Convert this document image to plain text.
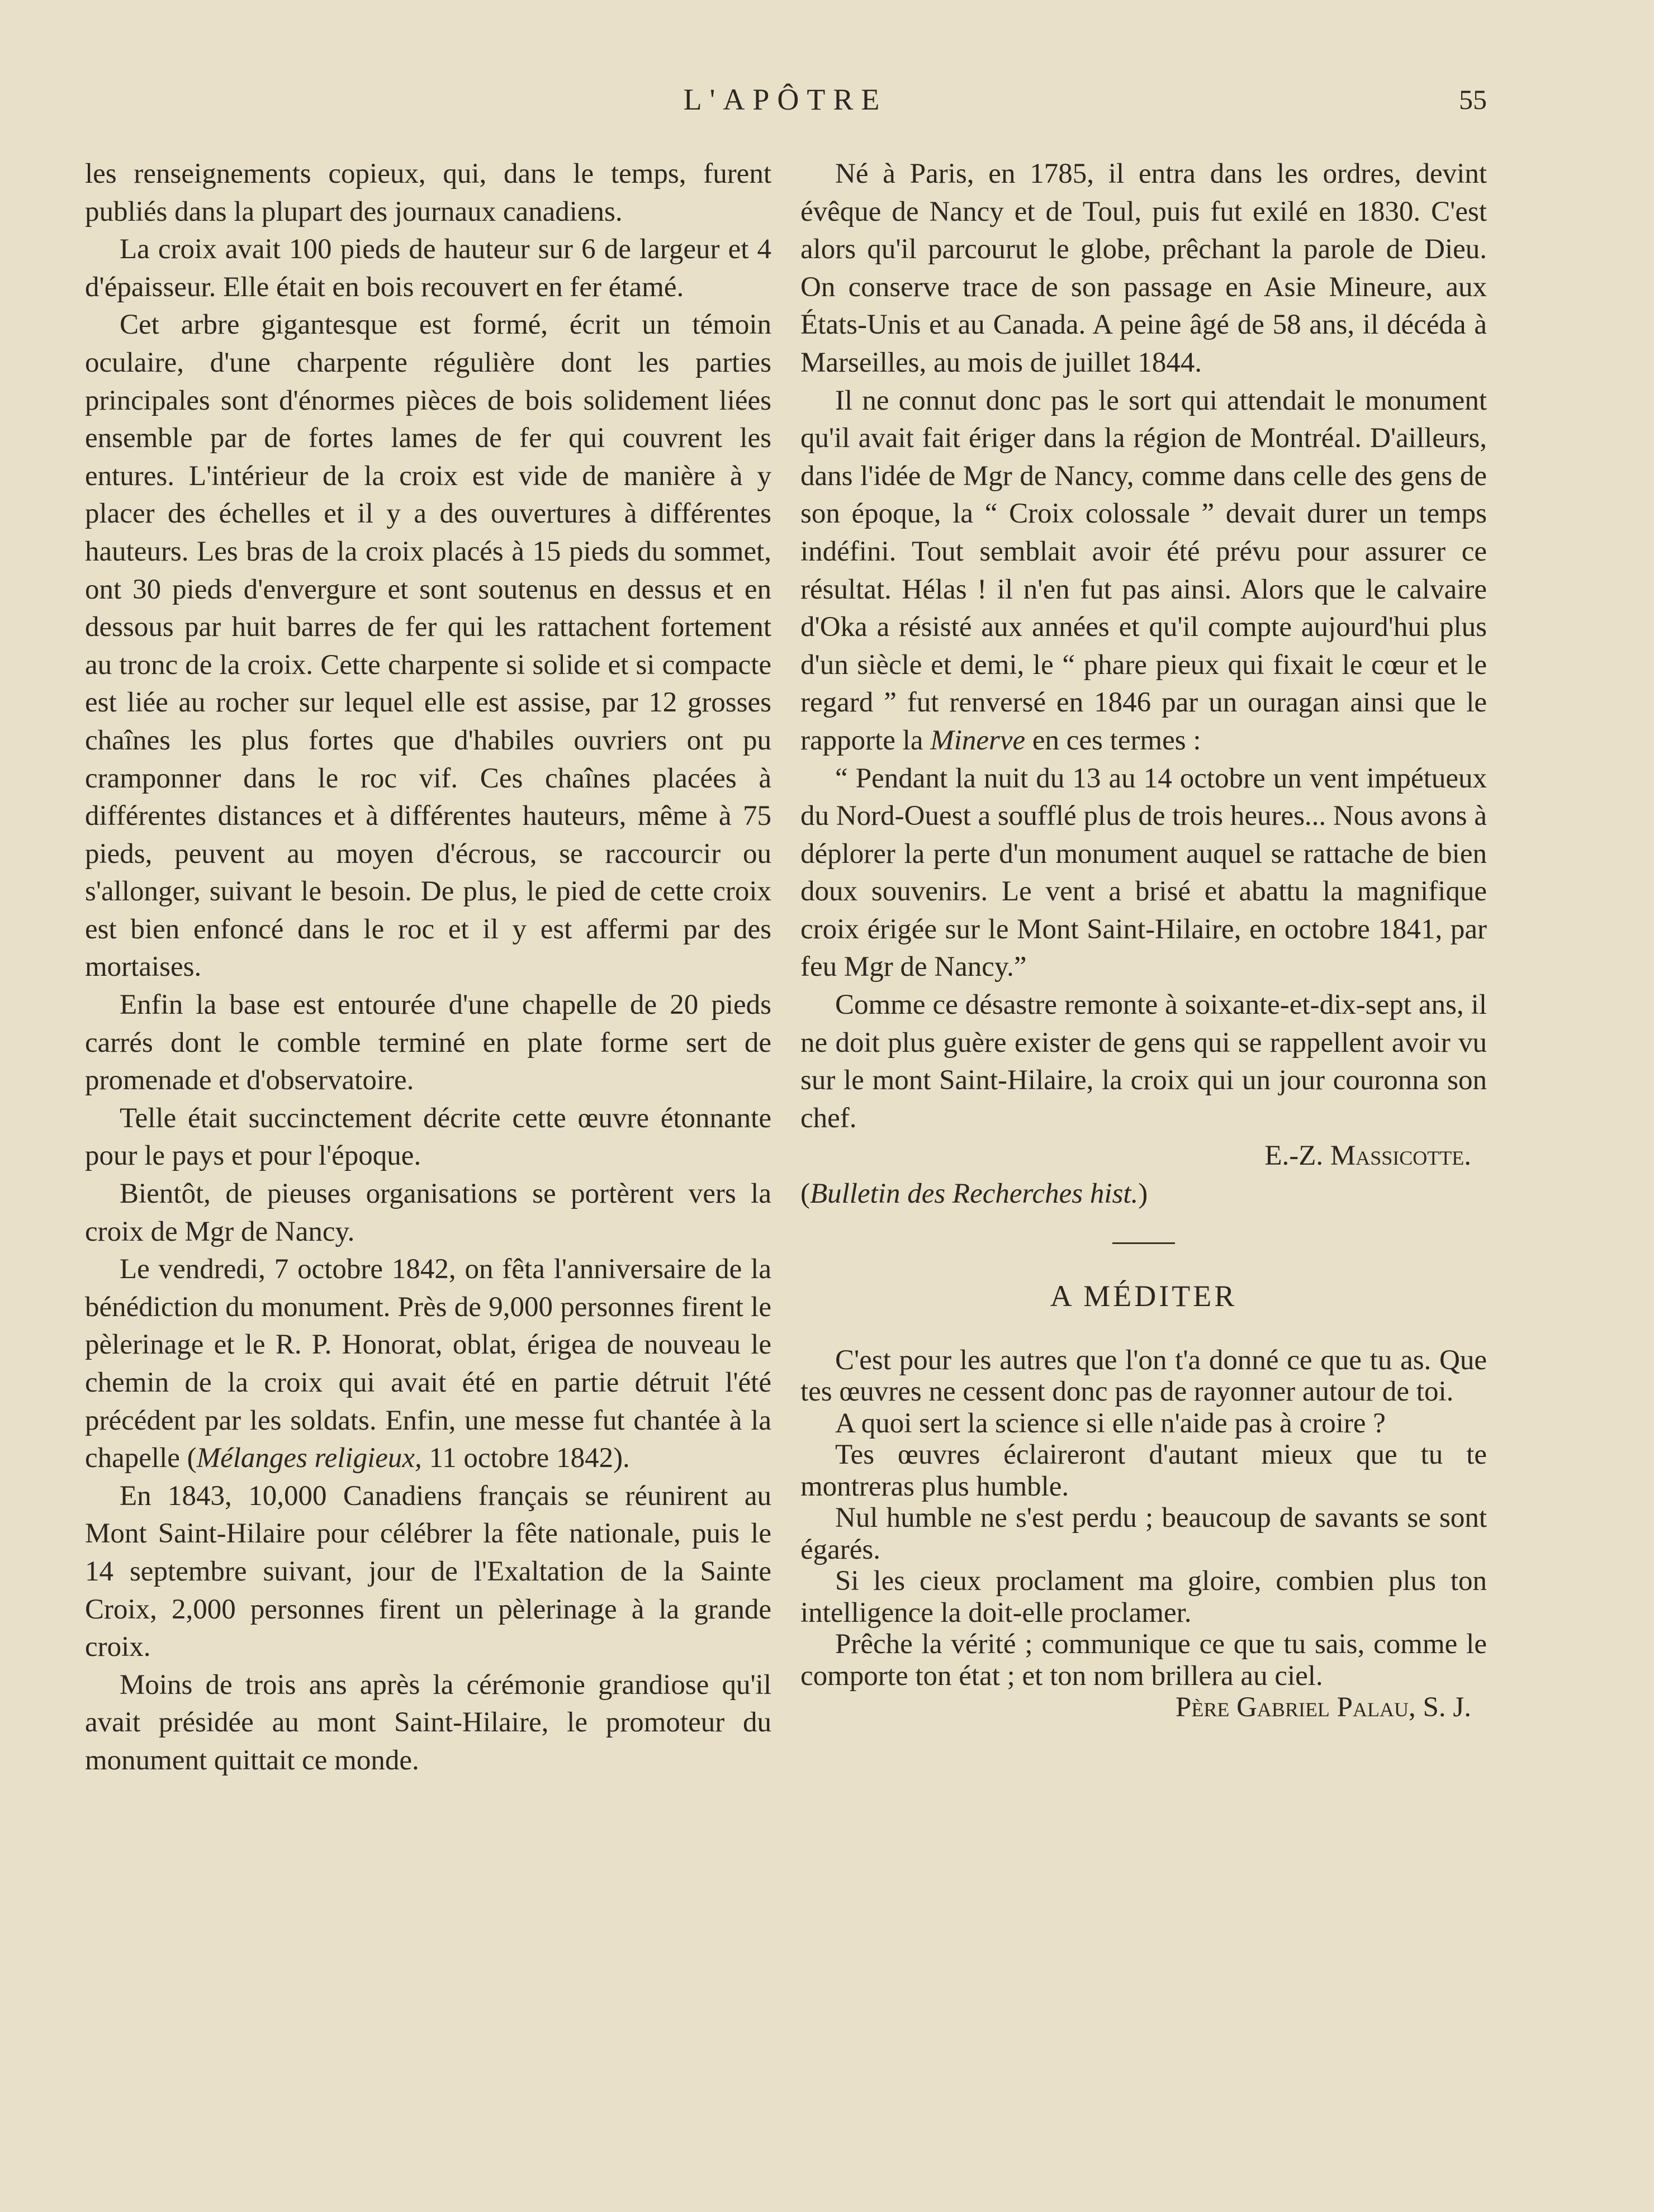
L'APÔTRE	55

les renseignements copieux, qui, dans le temps, furent publiés dans la plupart des journaux canadiens.

La croix avait 100 pieds de hauteur sur 6 de largeur et 4 d'épaisseur. Elle était en bois recouvert en fer étamé.

Cet arbre gigantesque est formé, écrit un témoin oculaire, d'une charpente régulière dont les parties principales sont d'énormes pièces de bois solidement liées ensemble par de fortes lames de fer qui couvrent les entures. L'intérieur de la croix est vide de manière à y placer des échelles et il y a des ouvertures à différentes hauteurs. Les bras de la croix placés à 15 pieds du sommet, ont 30 pieds d'envergure et sont soutenus en dessus et en dessous par huit barres de fer qui les rattachent fortement au tronc de la croix. Cette charpente si solide et si compacte est liée au rocher sur lequel elle est assise, par 12 grosses chaînes les plus fortes que d'habiles ouvriers ont pu cramponner dans le roc vif. Ces chaînes placées à différentes distances et à différentes hauteurs, même à 75 pieds, peuvent au moyen d'écrous, se raccourcir ou s'allonger, suivant le besoin. De plus, le pied de cette croix est bien enfoncé dans le roc et il y est affermi par des mortaises.

Enfin la base est entourée d'une chapelle de 20 pieds carrés dont le comble terminé en plate forme sert de promenade et d'observatoire.

Telle était succinctement décrite cette œuvre étonnante pour le pays et pour l'époque.

Bientôt, de pieuses organisations se portèrent vers la croix de Mgr de Nancy.

Le vendredi, 7 octobre 1842, on fêta l'anniversaire de la bénédiction du monument. Près de 9,000 personnes firent le pèlerinage et le R. P. Honorat, oblat, érigea de nouveau le chemin de la croix qui avait été en partie détruit l'été précédent par les soldats. Enfin, une messe fut chantée à la chapelle (Mélanges religieux, 11 octobre 1842).

En 1843, 10,000 Canadiens français se réunirent au Mont Saint-Hilaire pour célébrer la fête nationale, puis le 14 septembre suivant, jour de l'Exaltation de la Sainte Croix, 2,000 personnes firent un pèlerinage à la grande croix.

Moins de trois ans après la cérémonie grandiose qu'il avait présidée au mont Saint-Hilaire, le promoteur du monument quittait ce monde.

Né à Paris, en 1785, il entra dans les ordres, devint évêque de Nancy et de Toul, puis fut exilé en 1830. C'est alors qu'il parcourut le globe, prêchant la parole de Dieu. On conserve trace de son passage en Asie Mineure, aux États-Unis et au Canada. A peine âgé de 58 ans, il décéda à Marseilles, au mois de juillet 1844.

Il ne connut donc pas le sort qui attendait le monument qu'il avait fait ériger dans la région de Montréal. D'ailleurs, dans l'idée de Mgr de Nancy, comme dans celle des gens de son époque, la “ Croix colossale ” devait durer un temps indéfini. Tout semblait avoir été prévu pour assurer ce résultat. Hélas ! il n'en fut pas ainsi. Alors que le calvaire d'Oka a résisté aux années et qu'il compte aujourd'hui plus d'un siècle et demi, le “ phare pieux qui fixait le cœur et le regard ” fut renversé en 1846 par un ouragan ainsi que le rapporte la Minerve en ces termes :

“ Pendant la nuit du 13 au 14 octobre un vent impétueux du Nord-Ouest a soufflé plus de trois heures... Nous avons à déplorer la perte d'un monument auquel se rattache de bien doux souvenirs. Le vent a brisé et abattu la magnifique croix érigée sur le Mont Saint-Hilaire, en octobre 1841, par feu Mgr de Nancy.”

Comme ce désastre remonte à soixante-et-dix-sept ans, il ne doit plus guère exister de gens qui se rappellent avoir vu sur le mont Saint-Hilaire, la croix qui un jour couronna son chef.

E.-Z. Massicotte.

(Bulletin des Recherches hist.)

A MÉDITER

C'est pour les autres que l'on t'a donné ce que tu as. Que tes œuvres ne cessent donc pas de rayonner autour de toi.

A quoi sert la science si elle n'aide pas à croire ?

Tes œuvres éclaireront d'autant mieux que tu te montreras plus humble.

Nul humble ne s'est perdu ; beaucoup de savants se sont égarés.

Si les cieux proclament ma gloire, combien plus ton intelligence la doit-elle proclamer.

Prêche la vérité ; communique ce que tu sais, comme le comporte ton état ; et ton nom brillera au ciel.

Père Gabriel Palau, S. J.
